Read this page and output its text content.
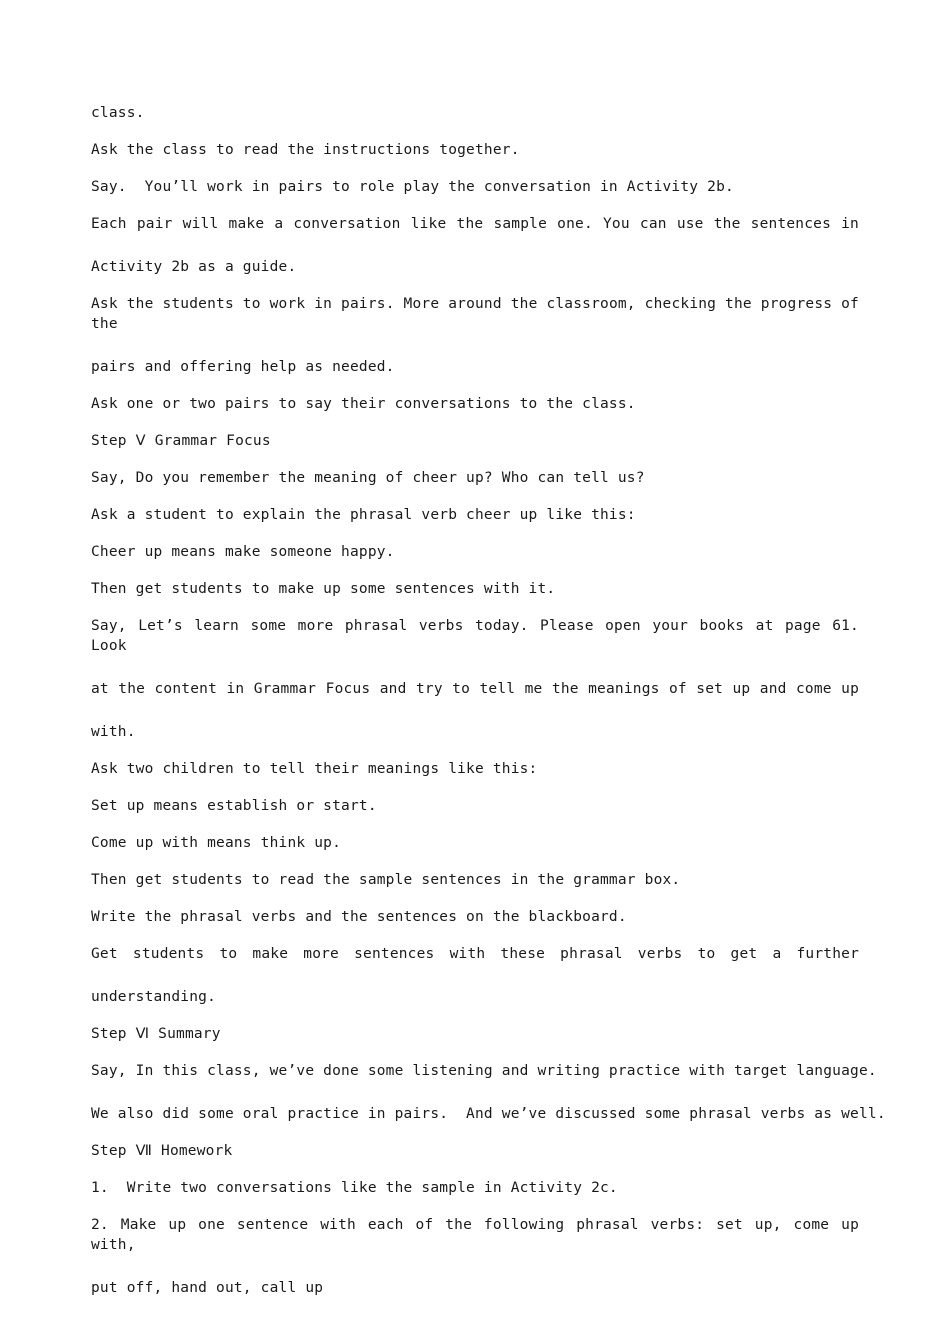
class.

Ask the class to read the instructions together.

Say.  You’ll work in pairs to role play the conversation in Activity 2b.

Each pair will make a conversation like the sample one. You can use the sentences in

Activity 2b as a guide.

Ask the students to work in pairs. More around the classroom, checking the progress of the

pairs and offering help as needed.

Ask one or two pairs to say their conversations to the class.

Step Ⅴ Grammar Focus

Say, Do you remember the meaning of cheer up? Who can tell us?

Ask a student to explain the phrasal verb cheer up like this:

Cheer up means make someone happy.

Then get students to make up some sentences with it.

Say, Let’s learn some more phrasal verbs today. Please open your books at page 61. Look

at the content in Grammar Focus and try to tell me the meanings of set up and come up

with.

Ask two children to tell their meanings like this:

Set up means establish or start.

Come up with means think up.

Then get students to read the sample sentences in the grammar box.

Write the phrasal verbs and the sentences on the blackboard.

Get students to make more sentences with these phrasal verbs to get a further

understanding.

Step Ⅵ Summary

Say, In this class, we’ve done some listening and writing practice with target language.

We also did some oral practice in pairs.  And we’ve discussed some phrasal verbs as well.

Step Ⅶ Homework

1.  Write two conversations like the sample in Activity 2c.

2. Make up one sentence with each of the following phrasal verbs: set up, come up with,

put off, hand out, call up
